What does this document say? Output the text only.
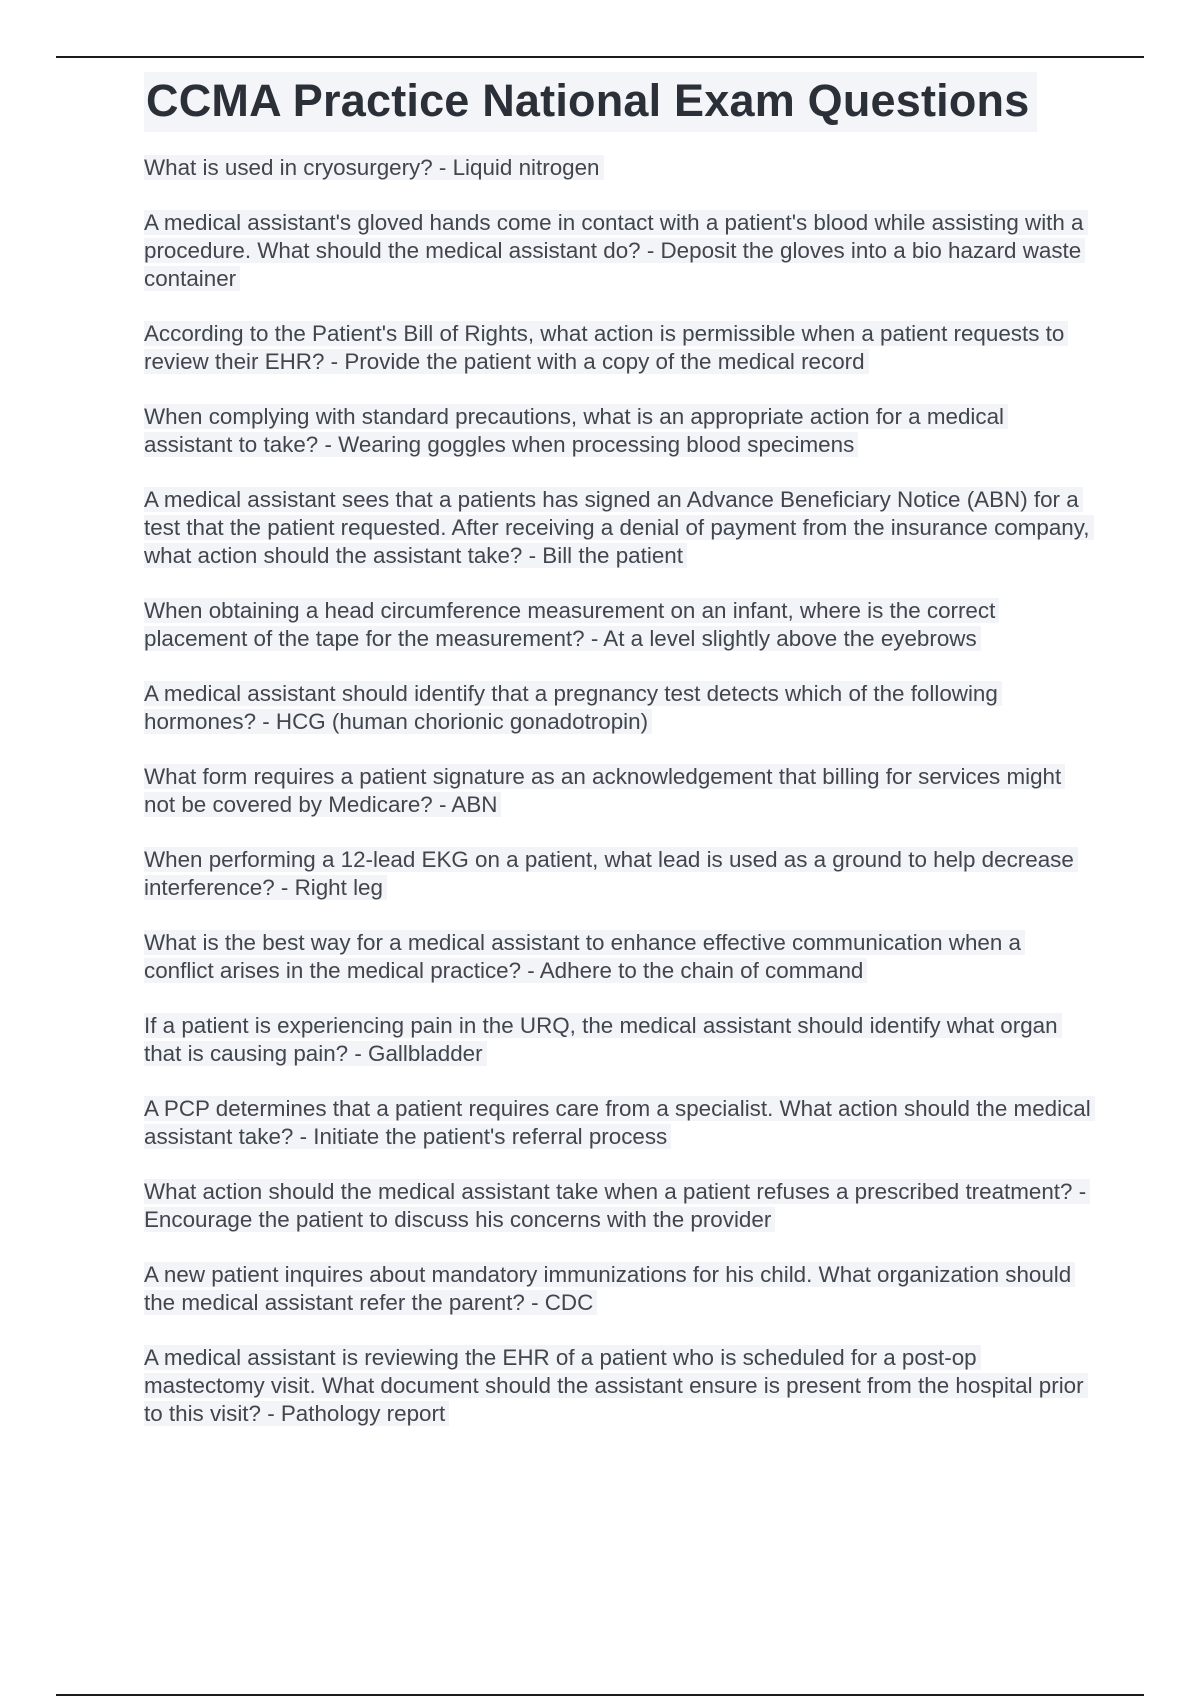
CCMA Practice National Exam Questions
What is used in cryosurgery? - Liquid nitrogen
A medical assistant's gloved hands come in contact with a patient's blood while assisting with a procedure. What should the medical assistant do? - Deposit the gloves into a bio hazard waste container
According to the Patient's Bill of Rights, what action is permissible when a patient requests to review their EHR? - Provide the patient with a copy of the medical record
When complying with standard precautions, what is an appropriate action for a medical assistant to take? - Wearing goggles when processing blood specimens
A medical assistant sees that a patients has signed an Advance Beneficiary Notice (ABN) for a test that the patient requested. After receiving a denial of payment from the insurance company, what action should the assistant take? - Bill the patient
When obtaining a head circumference measurement on an infant, where is the correct placement of the tape for the measurement? - At a level slightly above the eyebrows
A medical assistant should identify that a pregnancy test detects which of the following hormones? - HCG (human chorionic gonadotropin)
What form requires a patient signature as an acknowledgement that billing for services might not be covered by Medicare? - ABN
When performing a 12-lead EKG on a patient, what lead is used as a ground to help decrease interference? - Right leg
What is the best way for a medical assistant to enhance effective communication when a conflict arises in the medical practice? - Adhere to the chain of command
If a patient is experiencing pain in the URQ, the medical assistant should identify what organ that is causing pain? - Gallbladder
A PCP determines that a patient requires care from a specialist. What action should the medical assistant take? - Initiate the patient's referral process
What action should the medical assistant take when a patient refuses a prescribed treatment? - Encourage the patient to discuss his concerns with the provider
A new patient inquires about mandatory immunizations for his child. What organization should the medical assistant refer the parent? - CDC
A medical assistant is reviewing the EHR of a patient who is scheduled for a post-op mastectomy visit. What document should the assistant ensure is present from the hospital prior to this visit? - Pathology report
